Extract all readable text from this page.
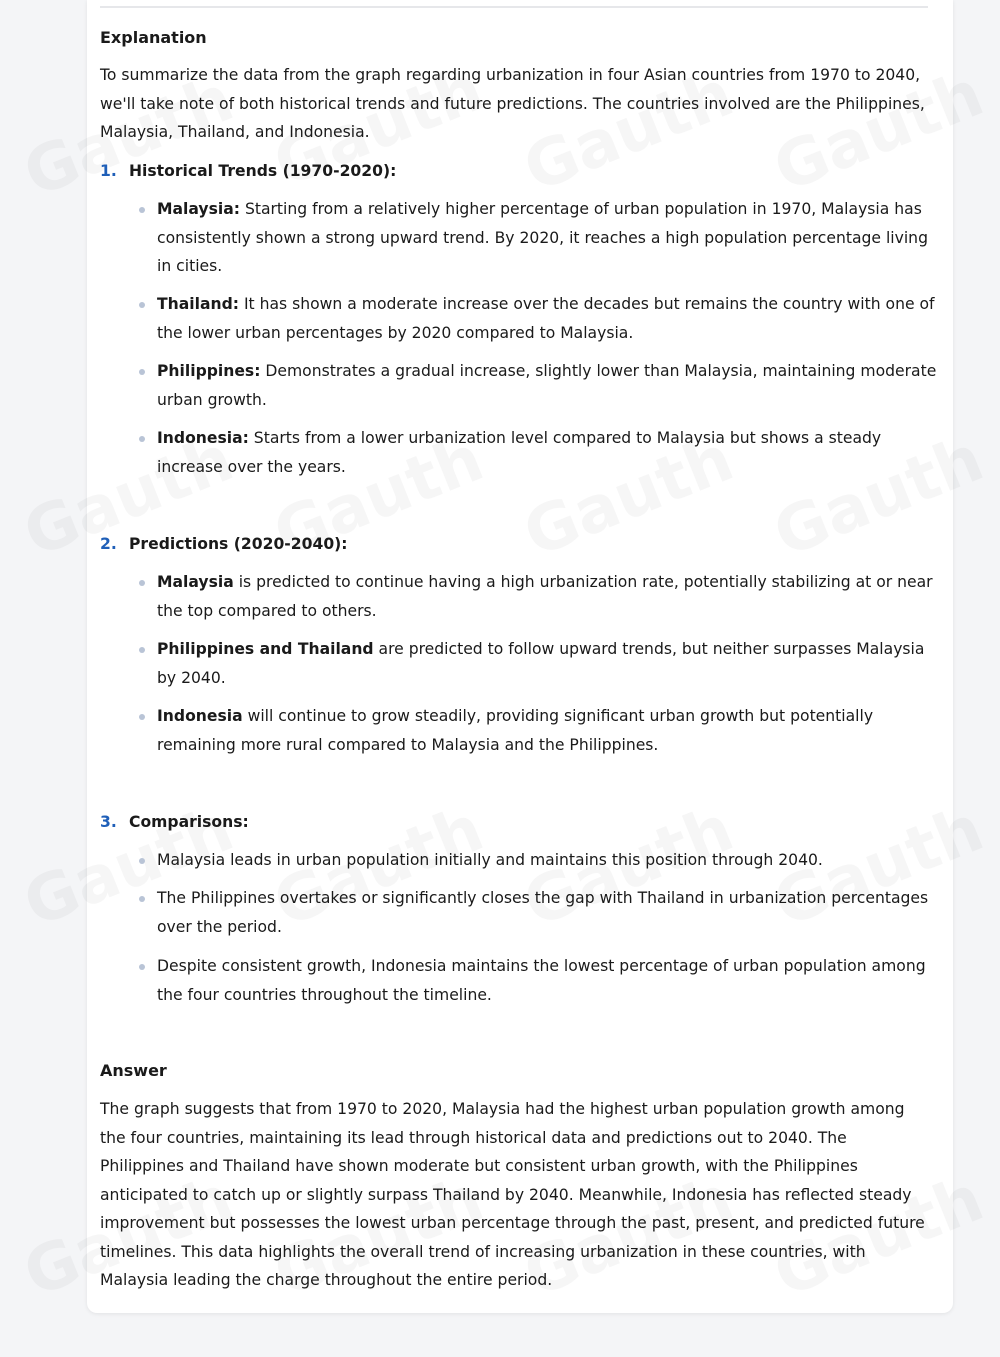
Explanation
To summarize the data from the graph regarding urbanization in four Asian countries from 1970 to 2040, we'll take note of both historical trends and future predictions. The countries involved are the Philippines, Malaysia, Thailand, and Indonesia.
1. Historical Trends (1970-2020):
Malaysia: Starting from a relatively higher percentage of urban population in 1970, Malaysia has consistently shown a strong upward trend. By 2020, it reaches a high population percentage living in cities.
Thailand: It has shown a moderate increase over the decades but remains the country with one of the lower urban percentages by 2020 compared to Malaysia.
Philippines: Demonstrates a gradual increase, slightly lower than Malaysia, maintaining moderate urban growth.
Indonesia: Starts from a lower urbanization level compared to Malaysia but shows a steady increase over the years.
2. Predictions (2020-2040):
Malaysia is predicted to continue having a high urbanization rate, potentially stabilizing at or near the top compared to others.
Philippines and Thailand are predicted to follow upward trends, but neither surpasses Malaysia by 2040.
Indonesia will continue to grow steadily, providing significant urban growth but potentially remaining more rural compared to Malaysia and the Philippines.
3. Comparisons:
Malaysia leads in urban population initially and maintains this position through 2040.
The Philippines overtakes or significantly closes the gap with Thailand in urbanization percentages over the period.
Despite consistent growth, Indonesia maintains the lowest percentage of urban population among the four countries throughout the timeline.
Answer
The graph suggests that from 1970 to 2020, Malaysia had the highest urban population growth among the four countries, maintaining its lead through historical data and predictions out to 2040. The Philippines and Thailand have shown moderate but consistent urban growth, with the Philippines anticipated to catch up or slightly surpass Thailand by 2040. Meanwhile, Indonesia has reflected steady improvement but possesses the lowest urban percentage through the past, present, and predicted future timelines. This data highlights the overall trend of increasing urbanization in these countries, with Malaysia leading the charge throughout the entire period.
